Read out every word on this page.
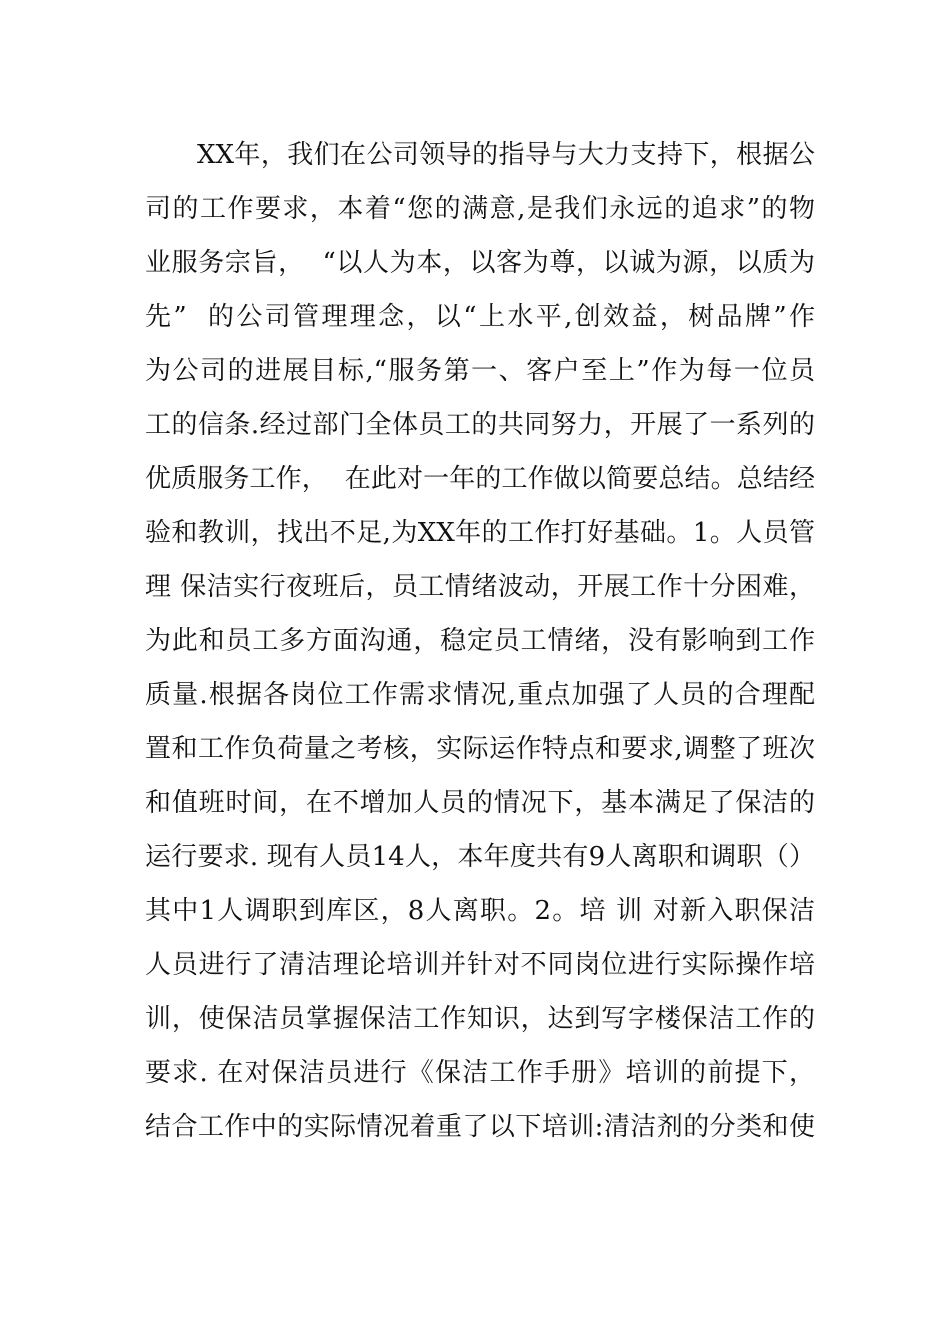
XX年，我们在公司领导的指导与大力支持下，根据公
司的工作要求，本着“您的满意,是我们永远的追求”的物
业服务宗旨，  “以人为本，以客为尊，以诚为源，以质为
先”  的公司管理理念，以“上水平,创效益，树品牌”作
为公司的进展目标,“服务第一、客户至上”作为每一位员
工的信条.经过部门全体员工的共同努力，开展了一系列的
优质服务工作，  在此对一年的工作做以简要总结。总结经
验和教训，找出不足,为XX年的工作打好基础。1。人员管
理 保洁实行夜班后，员工情绪波动，开展工作十分困难，
为此和员工多方面沟通，稳定员工情绪，没有影响到工作
质量.根据各岗位工作需求情况,重点加强了人员的合理配
置和工作负荷量之考核，实际运作特点和要求,调整了班次
和值班时间，在不增加人员的情况下，基本满足了保洁的
运行要求. 现有人员14人，本年度共有9人离职和调职（）
其中1人调职到库区，8人离职。2。培 训 对新入职保洁
人员进行了清洁理论培训并针对不同岗位进行实际操作培
训，使保洁员掌握保洁工作知识，达到写字楼保洁工作的
要求. 在对保洁员进行《保洁工作手册》培训的前提下，
结合工作中的实际情况着重了以下培训:清洁剂的分类和使
